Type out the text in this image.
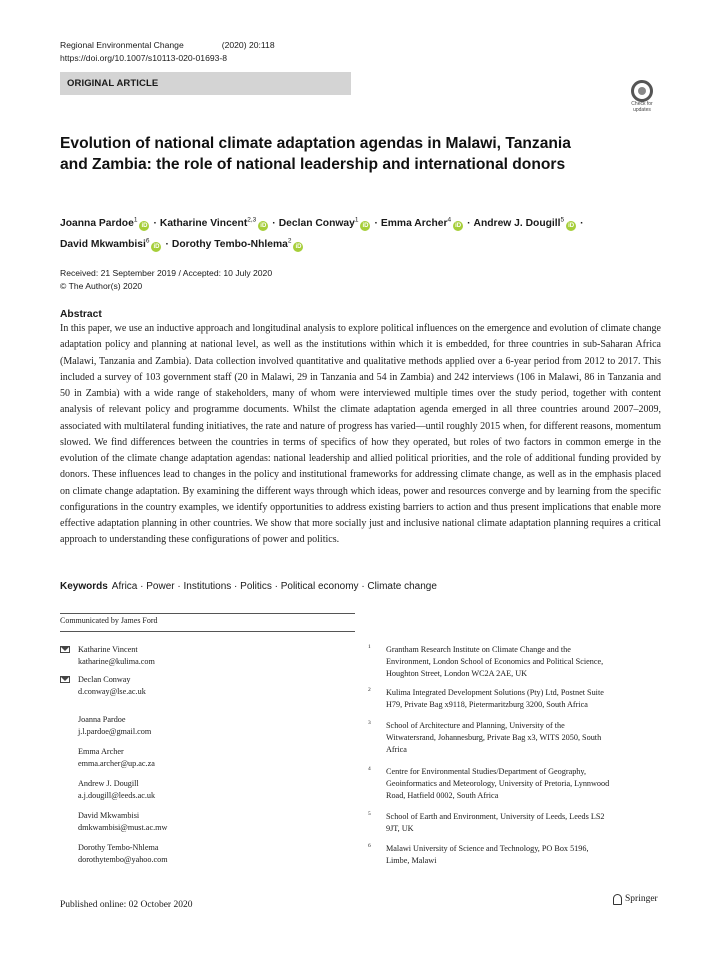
Regional Environmental Change	(2020) 20:118
https://doi.org/10.1007/s10113-020-01693-8
ORIGINAL ARTICLE
Check for updates
Evolution of national climate adaptation agendas in Malawi, Tanzania and Zambia: the role of national leadership and international donors
Joanna Pardoe$^1$iD · Katharine Vincent$^{2,3}$iD · Declan Conway$^1$iD · Emma Archer$^4$iD · Andrew J. Dougill$^5$iD ·
David Mkwambisi$^6$iD · Dorothy Tembo-Nhlema$^2$iD
Received: 21 September 2019 / Accepted: 10 July 2020
© The Author(s) 2020
Abstract
In this paper, we use an inductive approach and longitudinal analysis to explore political influences on the emergence and evolution of climate change adaptation policy and planning at national level, as well as the institutions within which it is embedded, for three countries in sub-Saharan Africa (Malawi, Tanzania and Zambia). Data collection involved quantitative and qualitative methods applied over a 6-year period from 2012 to 2017. This included a survey of 103 government staff (20 in Malawi, 29 in Tanzania and 54 in Zambia) and 242 interviews (106 in Malawi, 86 in Tanzania and 50 in Zambia) with a wide range of stakeholders, many of whom were interviewed multiple times over the study period, together with content analysis of relevant policy and programme documents. Whilst the climate adaptation agenda emerged in all three countries around 2007–2009, associated with multilateral funding initiatives, the rate and nature of progress has varied—until roughly 2015 when, for different reasons, momentum slowed. We find differences between the countries in terms of specifics of how they operated, but roles of two factors in common emerge in the evolution of the climate change adaptation agendas: national leadership and allied political priorities, and the role of additional funding provided by donors. These influences lead to changes in the policy and institutional frameworks for addressing climate change, as well as in the emphasis placed on climate change adaptation. By examining the different ways through which ideas, power and resources converge and by learning from the specific configurations in the country examples, we identify opportunities to address existing barriers to action and thus present implications that enable more effective adaptation planning in other countries. We show that more socially just and inclusive national climate adaptation planning requires a critical approach to understanding these configurations of power and politics.
Keywords Africa · Power · Institutions · Politics · Political economy · Climate change
Communicated by James Ford
Katharine Vincent
katharine@kulima.com
Declan Conway
d.conway@lse.ac.uk
Joanna Pardoe
j.l.pardoe@gmail.com
Emma Archer
emma.archer@up.ac.za
Andrew J. Dougill
a.j.dougill@leeds.ac.uk
David Mkwambisi
dmkwambisi@must.ac.mw
Dorothy Tembo-Nhlema
dorothytembo@yahoo.com
1 Grantham Research Institute on Climate Change and the
Environment, London School of Economics and Political Science,
Houghton Street, London WC2A 2AE, UK
2 Kulima Integrated Development Solutions (Pty) Ltd, Postnet Suite
H79, Private Bag x9118, Pietermaritzburg 3200, South Africa
3 School of Architecture and Planning, University of the
Witwatersrand, Johannesburg, Private Bag x3, WITS 2050, South
Africa
4 Centre for Environmental Studies/Department of Geography,
Geoinformatics and Meteorology, University of Pretoria, Lynnwood
Road, Hatfield 0002, South Africa
5 School of Earth and Environment, University of Leeds, Leeds LS2
9JT, UK
6 Malawi University of Science and Technology, PO Box 5196,
Limbe, Malawi
Published online: 02 October 2020
Springer
